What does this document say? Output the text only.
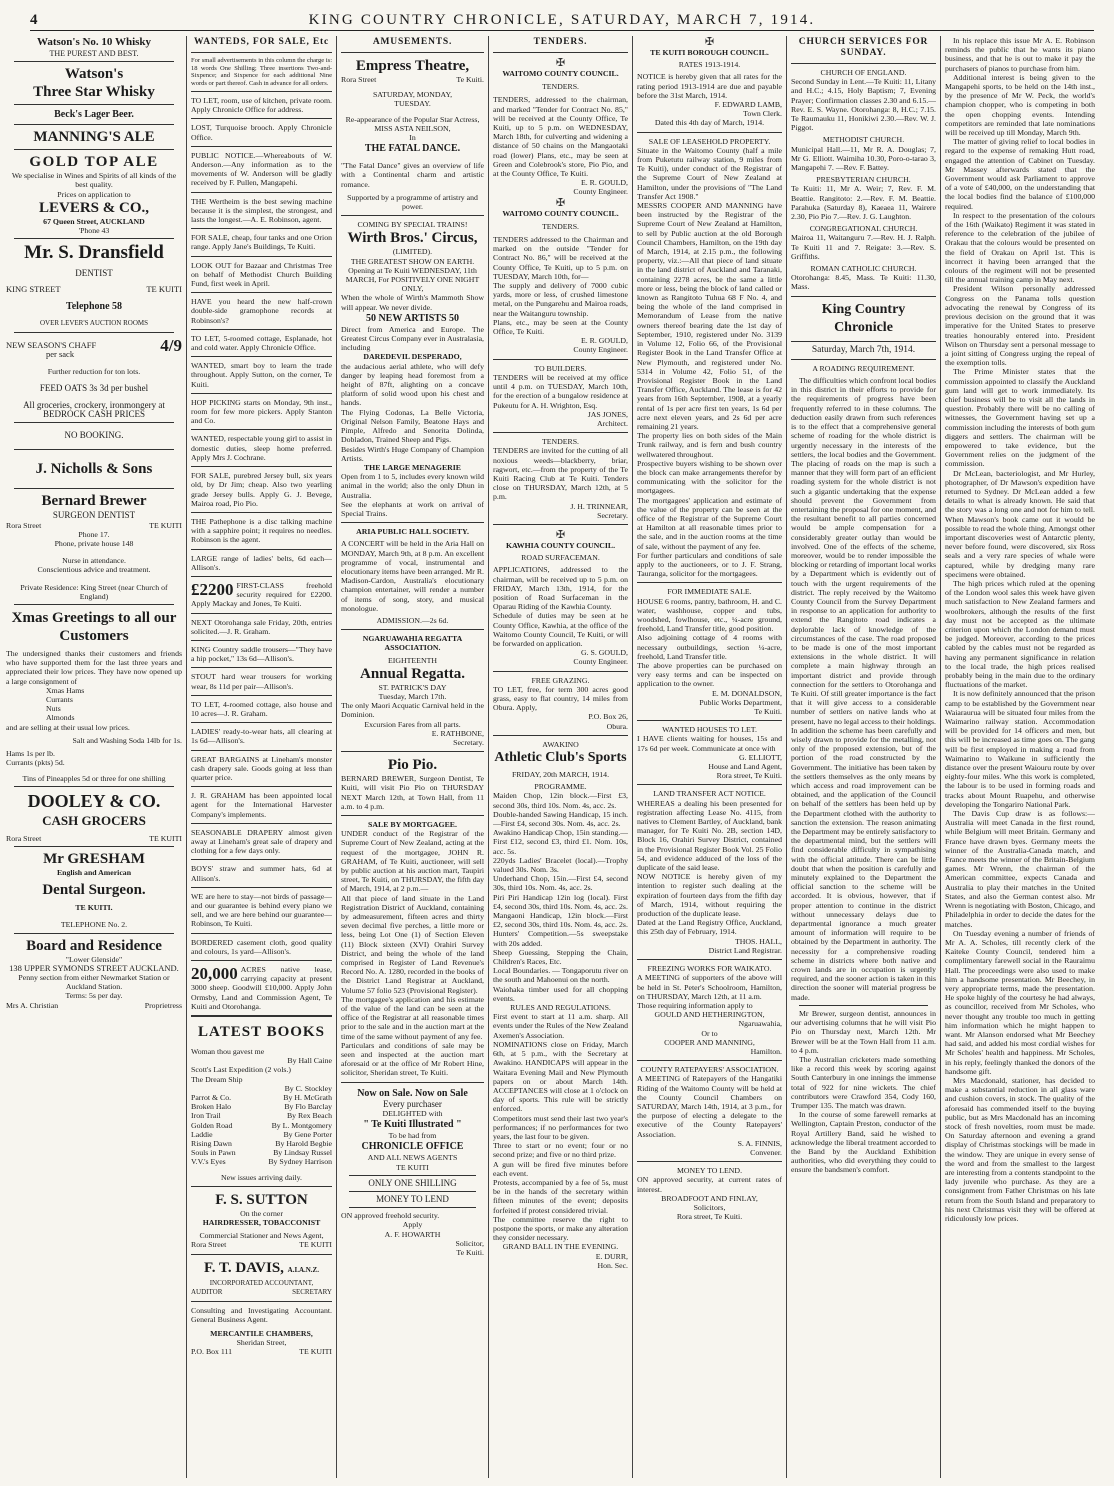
4	KING COUNTRY CHRONICLE, SATURDAY, MARCH 7, 1914.
Watson's No. 10 Whisky
THE PUREST AND BEST.
Watson's
Three Star Whisky
Beck's Lager Beer.
MANNING'S ALE
GOLD TOP ALE

We specialise in Wines and Spirits of all kinds of the best quality.

Prices on application to
LEVERS & CO.,
67 Queen Street, AUCKLAND
'Phone 43
Mr. S. Dransfield
DENTIST
KING STREET	TE KUITI
Telephone 58
OVER LEVER'S AUCTION ROOMS
NEW SEASON'S CHAFF
per sack	4/9
Further reduction for ton lots.
FEED OATS 3s 3d per bushel
All groceries, crockery, ironmongery at BEDROCK CASH PRICES
NO BOOKING.
J. Nicholls & Sons
Bernard Brewer
SURGEON DENTIST
Rora Street	TE KUITI
Phone 17.
Phone, private house 148
Nurse in attendance.
Conscientious advice and treatment.
Private Residence: King Street (near Church of England)
Xmas Greetings to all our Customers

The undersigned thanks their customers and friends who have supported them for the last three years and appreciated their low prices. They have now opened up a large consignment of

Xmas Hams
Currants
Nuts
Almonds

and are selling at their usual low prices.

Salt and Washing Soda 14lb for 1s.
Hams 1s per lb.
Currants (pkts) 5d.
Tins of Pineapples 5d or three for one shilling
DOOLEY & CO.
CASH GROCERS
Rora Street	TE KUITI
Mr GRESHAM
English and American
Dental Surgeon.
TE KUITI.
TELEPHONE No. 2.
Board and Residence
"Lower Glenside"
138 UPPER SYMONDS STREET AUCKLAND.
Penny section from either Newmarket Station or Auckland Station.
Terms: 5s per day.
Mrs A. Christian	Proprietress
WANTEDS, FOR SALE, Etc

For small advertisements in this column the charge is: 18 words One Shilling; Three insertions Two-and-Sixpence; and Sixpence for each additional Nine words or part thereof. Cash in advance for all orders.

TO LET, room, use of kitchen, private room. Apply Chronicle Office for address.

LOST, Turquoise brooch. Apply Chronicle Office.

PUBLIC NOTICE.—Whereabouts of W. Anderson.—Any information as to the movements of W. Anderson will be gladly received by F. Pullen, Mangapehi.

THE Wertheim is the best sewing machine because it is the simplest, the strongest, and lasts the longest.—A. E. Robinson, agent.

FOR SALE, cheap, four tanks and one Orion range. Apply Jane's Buildings, Te Kuiti.

LOOK OUT for Bazaar and Christmas Tree on behalf of Methodist Church Building Fund, first week in April.

HAVE you heard the new half-crown double-side gramophone records at Robinson's?

TO LET, 5-roomed cottage, Esplanade, hot and cold water. Apply Chronicle Office.

WANTED, smart boy to learn the trade throughout. Apply Sutton, on the corner, Te Kuiti.

HOP PICKING starts on Monday, 9th inst., room for few more pickers. Apply Stanton and Co.

WANTED, respectable young girl to assist in domestic duties, sleep home preferred. Apply Mrs J. Cochrane.

FOR SALE, purebred Jersey bull, six years old, by Dr Jim; cheap. Also two yearling grade Jersey bulls. Apply G. J. Bevege, Mairoa road, Pio Pio.

THE Pathephone is a disc talking machine with a sapphire point; it requires no needles. Robinson is the agent.

LARGE range of ladies' belts, 6d each—Allison's.

£2200 FIRST-CLASS freehold security required for £2200. Apply Mackay and Jones, Te Kuiti.

NEXT Otorohanga sale Friday, 20th, entries solicited.—J. R. Graham.

KING Country saddle trousers—"They have a hip pocket," 13s 6d—Allison's.

STOUT hard wear trousers for working wear, 8s 11d per pair—Allison's.

TO LET, 4-roomed cottage, also house and 10 acres—J. R. Graham.

LADIES' ready-to-wear hats, all clearing at 1s 6d—Allison's.

GREAT BARGAINS at Lineham's monster cash drapery sale. Goods going at less than quarter price.

J. R. GRAHAM has been appointed local agent for the International Harvester Company's implements.

SEASONABLE DRAPERY almost given away at Lineham's great sale of drapery and clothing for a few days only.

BOYS' straw and summer hats, 6d at Allison's.

WE are here to stay—not birds of passage—and our guarantee is behind every piano we sell, and we are here behind our guarantee—Robinson, Te Kuiti.

BORDERED casement cloth, good quality and colours, 1s yard—Allison's.

20,000 ACRES native lease, carrying capacity at present 3000 sheep. Goodwill £10,000. Apply John Ormsby, Land and Commission Agent, Te Kuiti and Otorohanga.

LATEST BOOKS
Woman thou gavest me
By Hall Caine
Scott's Last Expedition (2 vols.)
The Dream Ship
By C. Stockley
Parrot & Co.	By H. McGrath
Broken Halo	By Flo Barclay
Iron Trail	By Rex Beach
Golden Road	By L. Montgomery
Laddie	By Gene Porter
Rising Dawn	By Harold Begbie
Souls in Pawn	By Lindsay Russel
V.V.'s Eyes	By Sydney Harrison
New issues arriving daily.
F. S. SUTTON
On the corner
HAIRDRESSER, TOBACCONIST
Commercial Stationer and News Agent,
Rora Street	TE KUITI
F. T. DAVIS, A.I.A.N.Z.
INCORPORATED ACCOUNTANT,
AUDITOR	SECRETARY

Consulting and Investigating Accountant. General Business Agent.

MERCANTILE CHAMBERS,
Sheridan Street,
P.O. Box 111	TE KUITI
AMUSEMENTS.
Empress Theatre,
Rora Street	Te Kuiti.
SATURDAY, MONDAY, TUESDAY.
Re-appearance of the Popular Star Actress,
MISS ASTA NEILSON,
In
THE FATAL DANCE.

"The Fatal Dance" gives an overview of life with a Continental charm and artistic romance.

Supported by a programme of artistry and power.
COMING BY SPECIAL TRAINS!
Wirth Bros.' Circus,
(LIMITED).
THE GREATEST SHOW ON EARTH.
Opening at Te Kuiti WEDNESDAY, 11th MARCH, For POSITIVELY ONE NIGHT ONLY,

When the whole of Wirth's Mammoth Show will appear. We never divide.

50 NEW ARTISTS 50

Direct from America and Europe. The Greatest Circus Company ever in Australasia, including

DAREDEVIL DESPERADO,

the audacious aerial athlete, who will defy danger by leaping head foremost from a height of 87ft, alighting on a concave platform of solid wood upon his chest and hands.

The Flying Codonas, La Belle Victoria, Original Nelson Family, Beatone Hays and Pimple, Alfredo and Senorita Dolinda, Dobladon, Trained Sheep and Pigs.

Besides Wirth's Huge Company of Champion Artists.

THE LARGE MENAGERIE

Open from 1 to 5, includes every known wild animal in the world; also the only Dhun in Australia.

See the elephants at work on arrival of Special Trains.

ARIA PUBLIC HALL SOCIETY.

A CONCERT will be held in the Aria Hall on MONDAY, March 9th, at 8 p.m. An excellent programme of vocal, instrumental and elocutionary items have been arranged. Mr R. Madison-Cardon, Australia's elocutionary champion entertainer, will render a number of items of song, story, and musical monologue.

ADMISSION.—2s 6d.
NGARUAWAHIA REGATTA ASSOCIATION.
EIGHTEENTH
Annual Regatta.
ST. PATRICK'S DAY
Tuesday, March 17th.

The only Maori Acquatic Carnival held in the Dominion.

Excursion Fares from all parts.
E. RATHBONE,
Secretary.
Pio Pio.

BERNARD BREWER, Surgeon Dentist, Te Kuiti, will visit Pio Pio on THURSDAY NEXT March 12th, at Town Hall, from 11 a.m. to 4 p.m.

SALE BY MORTGAGEE.

UNDER conduct of the Registrar of the Supreme Court of New Zealand, acting at the request of the mortgagee, JOHN R. GRAHAM, of Te Kuiti, auctioneer, will sell by public auction at his auction mart, Taupiri street, Te Kuiti, on THURSDAY, the fifth day of March, 1914, at 2 p.m.—

All that piece of land situate in the Land Registration District of Auckland, containing by admeasurement, fifteen acres and thirty seven decimal five perches, a little more or less, being Lot One (1) of Section Eleven (11) Block sixteen (XVI) Orahiri Survey District, and being the whole of the land comprised in Register of Land Revenue's Record No. A. 1280, recorded in the books of the District Land Registrar at Auckland, Volume 57 folio 523 (Provisional Register).

The mortgagee's application and his estimate of the value of the land can be seen at the office of the Registrar at all reasonable times prior to the sale and in the auction mart at the time of the same without payment of any fee.

Particulars and conditions of sale may be seen and inspected at the auction mart aforesaid or at the office of Mr Robert Hine, solicitor, Sheridan street, Te Kuiti.

Now on Sale. Now on Sale
Every purchaser
DELIGHTED with
" Te Kuiti Illustrated "
To be had from
CHRONICLE OFFICE
AND ALL NEWS AGENTS
TE KUITI
ONLY ONE SHILLING
MONEY TO LEND

ON approved freehold security.

Apply
A. F. HOWARTH
Solicitor,
Te Kuiti.
TENDERS.
✠
WAITOMO COUNTY COUNCIL.
TENDERS.

TENDERS, addressed to the chairman, and marked "Tender for Contract No. 85," will be received at the County Office, Te Kuiti, up to 5 p.m. on WEDNESDAY, March 18th, for culverting and widening a distance of 50 chains on the Mangaotaki road (lower) Plans, etc., may be seen at Green and Colebrook's store, Pio Pio, and at the County Office, Te Kuiti.

E. R. GOULD,
County Engineer.
✠
WAITOMO COUNTY COUNCIL.
TENDERS.

TENDERS addressed to the Chairman and marked on the outside "Tender for Contract No. 86," will be received at the County Office, Te Kuiti, up to 5 p.m. on TUESDAY, March 10th, for—

The supply and delivery of 7000 cubic yards, more or less, of crushed limestone metal, on the Pungarehu and Mairoa roads, near the Waitanguru township.

Plans, etc., may be seen at the County Office, Te Kuiti.

E. R. GOULD,
County Engineer.
TO BUILDERS.

TENDERS will be received at my office until 4 p.m. on TUESDAY, March 10th, for the erection of a bungalow residence at Pukeutu for A. H. Wrighton, Esq.

JAS JONES,
Architect.
TENDERS.

TENDERS are invited for the cutting of all noxious weeds—blackberry, briar, ragwort, etc.—from the property of the Te Kuiti Racing Club at Te Kuiti. Tenders close on THURSDAY, March 12th, at 5 p.m.

J. H. TRINNEAR,
Secretary.
✠
KAWHIA COUNTY COUNCIL.
ROAD SURFACEMAN.

APPLICATIONS, addressed to the chairman, will be received up to 5 p.m. on FRIDAY, March 13th, 1914, for the position of Road Surfaceman in the Oparau Riding of the Kawhia County.

Schedule of duties may be seen at he County Office, Kawhia, at the office of the Waitomo County Council, Te Kuiti, or will be forwarded on application.

G. S. GOULD,
County Engineer.
FREE GRAZING.

TO LET, free, for term 300 acres good grass, easy to flat country, 14 miles from Obura. Apply,

P.O. Box 26,
Obura.
AWAKINO
Athletic Club's Sports
FRIDAY, 20th MARCH, 1914.
PROGRAMME.

Maiden Chop, 12in block.—First £3, second 30s, third 10s. Nom. 4s, acc. 2s.

Double-handed Sawing Handicap, 15 inch.—First £4, second 30s. Nom. 4s, acc. 2s.

Awakino Handicap Chop, 15in standing.—First £12, second £3, third £1. Nom. 10s, acc. 5s.

220yds Ladies' Bracelet (local).—Trophy valued 30s. Nom. 3s.

Underhand Chop, 15in.—First £4, second 30s, third 10s. Nom. 4s, acc. 2s.

Piri Piri Handicap 12in log (local). First £4, second 30s, third 10s. Nom. 4s, acc. 2s.

Mangaoni Handicap, 12in block.—First £2, second 30s, third 10s. Nom. 4s, acc. 2s.

Hunters' Competition.—5s sweepstake with 20s added.

Sheep Guessing, Stepping the Chain, Children's Races, Etc.

Local Boundaries. — Tongaporutu river on the south and Mahoenui on the north.

Waiohaka timber used for all chopping events.

RULES AND REGULATIONS.

First event to start at 11 a.m. sharp. All events under the Rules of the New Zealand Axemen's Association.

NOMINATIONS close on Friday, March 6th, at 5 p.m., with the Secretary at Awakino. HANDICAPS will appear in the Waitara Evening Mail and New Plymouth papers on or about March 14th. ACCEPTANCES will close at 1 o'clock on day of sports. This rule will be strictly enforced.

Competitors must send their last two year's performances; if no performances for two years, the last four to be given.

Three to start or no event; four or no second prize; and five or no third prize.

A gun will be fired five minutes before each event.

Protests, accompanied by a fee of 5s, must be in the hands of the secretary within fifteen minutes of the event; deposits forfeited if protest considered trivial.

The committee reserve the right to postpone the sports, or make any alteration they consider necessary.

GRAND BALL IN THE EVENING.
E. DURR,
Hon. Sec.
✠
TE KUITI BOROUGH COUNCIL.
RATES 1913-1914.

NOTICE is hereby given that all rates for the rating period 1913-1914 are due and payable before the 31st March, 1914.

F. EDWARD LAMB,
Town Clerk.
Dated this 4th day of March, 1914.
SALE OF LEASEHOLD PROPERTY.

Situate in the Waitomo County (half a mile from Puketutu railway station, 9 miles from Te Kuiti), under conduct of the Registrar of the Supreme Court of New Zealand at Hamilton, under the provisions of "The Land Transfer Act 1908."

MESSRS COOPER AND MANNING have been instructed by the Registrar of the Supreme Court of New Zealand at Hamilton, to sell by Public auction at the old Borough Council Chambers, Hamilton, on the 19th day of March, 1914, at 2.15 p.m., the following property, viz.:—All that piece of land situate in the land district of Auckland and Taranaki, containing 2278 acres, be the same a little more or less, being the block of land called or known as Rangitoto Tuhua 68 F No. 4, and being the whole of the land comprised in Memorandum of Lease from the native owners thereof bearing date the 1st day of September, 1910, registered under No. 3139 in Volume 12, Folio 66, of the Provisional Register Book in the Land Transfer Office at New Plymouth, and registered under No. 5314 in Volume 42, Folio 51, of the Provisional Register Book in the Land Transfer Office, Auckland. The lease is for 42 years from 16th September, 1908, at a yearly rental of 1s per acre first ten years, 1s 6d per acre next eleven years, and 2s 6d per acre remaining 21 years.

The property lies on both sides of the Main Trunk railway, and is fern and bush country wellwatered throughout.

Prospective buyers wishing to be shown over the block can make arrangements therefor by communicating with the solicitor for the mortgagees.

The mortgagees' application and estimate of the value of the property can be seen at the office of the Registrar of the Supreme Court at Hamilton at all reasonable times prior to the sale, and in the auction rooms at the time of sale, without the payment of any fee.

For further particulars and conditions of sale apply to the auctioneers, or to J. F. Strang, Tauranga, solicitor for the mortgagees.

FOR IMMEDIATE SALE.

HOUSE 6 rooms, pantry, bathroom, H. and C. water, washhouse, copper and tubs, woodshed, fowlhouse, etc., ¼-acre ground, freehold, Land Transfer title, good position.

Also adjoining cottage of 4 rooms with necessary outbuildings, section ¼-acre, freehold, Land Transfer title.

The above properties can be purchased on very easy terms and can be inspected on application to the owner.

E. M. DONALDSON,
Public Works Department,
Te Kuiti.
WANTED HOUSES TO LET.

I HAVE clients waiting for houses, 15s and 17s 6d per week. Communicate at once with

G. ELLIOTT,
House and Land Agent,
Rora street, Te Kuiti.
LAND TRANSFER ACT NOTICE.

WHEREAS a dealing his been presented for registration affecting Lease No. 4115, from natives to Clement Bartley, of Auckland, bank manager, for Te Kuiti No. 2B, section 14D, Block 16, Orahiri Survey District, contained in the Provisional Register Book Vol. 25 Folio 54, and evidence adduced of the loss of the duplicate of the said lease.

NOW NOTICE is hereby given of my intention to register such dealing at the expiration of fourteen days from the fifth day of March, 1914, without requiring the production of the duplicate lease.

Dated at the Land Registry Office, Auckland, this 25th day of February, 1914.

THOS. HALL,
District Land Registrar.
FREEZING WORKS FOR WAIKATO.

A MEETING of supporters of the above will be held in St. Peter's Schoolroom, Hamilton, on THURSDAY, March 12th, at 11 a.m.

Those requiring information apply to

GOULD AND HETHERINGTON,
Ngaruawahia,
Or to
COOPER AND MANNING,
Hamilton.
COUNTY RATEPAYERS' ASSOCIATION.

A MEETING of Ratepayers of the Hangatiki Riding of the Waitomo County will be held at the County Council Chambers on SATURDAY, March 14th, 1914, at 3 p.m., for the purpose of electing a delegate to the executive of the County Ratepayers' Association.

S. A. FINNIS,
Convener.
MONEY TO LEND.

ON approved security, at current rates of interest.

BROADFOOT AND FINLAY,
Solicitors,
Rora street, Te Kuiti.
CHURCH SERVICES FOR SUNDAY.
CHURCH OF ENGLAND.

Second Sunday in Lent.—Te Kuiti: 11, Litany and H.C.; 4.15, Holy Baptism; 7, Evening Prayer; Confirmation classes 2.30 and 6.15.—Rev. E. S. Wayne. Otorohanga: 8, H.C.; 7.15. Te Raumauku 11, Honikiwi 2.30.—Rev. W. J. Piggot.

METHODIST CHURCH.

Municipal Hall.—11, Mr R. A. Douglas; 7, Mr G. Elliott. Waimiha 10.30, Poro-o-tarao 3, Mangapehi 7. —Rev. F. Battey.

PRESBYTERIAN CHURCH.

Te Kuiti: 11, Mr A. Weir; 7, Rev. F. M. Beattie. Rangitoto: 2.—Rev. F. M. Beattie. Parahuka (Saturday 8), Kaeaea 11, Wairere 2.30, Pio Pio 7.—Rev. J. G. Laughton.

CONGREGATIONAL CHURCH.

Mairoa 11, Waitanguru 7.—Rev. H. J. Ralph. Te Kuiti 11 and 7. Reigate: 3.—Rev. S. Griffiths.

ROMAN CATHOLIC CHURCH.

Otorohanga: 8.45, Mass. Te Kuiti: 11.30, Mass.

King Country Chronicle
Saturday, March 7th, 1914.
A ROADING REQUIREMENT.

The difficulties which confront local bodies in this district in their efforts to provide for the requirements of progress have been frequently referred to in these columns. The deduction easily drawn from such references is to the effect that a comprehensive general scheme of roading for the whole district is urgently necessary in the interests of the settlers, the local bodies and the Government. The placing of roads on the map is such a manner that they will form part of an efficient roading system for the whole district is not such a gigantic undertaking that the expense should prevent the Government from entertaining the proposal for one moment, and the resultant benefit to all parties concerned would be ample compensation for a considerably greater outlay than would be involved. One of the effects of the scheme, moreover, would be to render impossible the blocking or retarding of important local works by a Department which is evidently out of touch with the urgent requirements of the district. The reply received by the Waitomo County Council from the Survey Department in response to an application for authority to extend the Rangitoto road indicates a deplorable lack of knowledge of the circumstances of the case. The road proposed to be made is one of the most important extensions in the whole district. It will complete a main highway through an important district and provide through connection for the settlers to Otorohanga and Te Kuiti. Of still greater importance is the fact that it will give access to a considerable number of settlers on native lands who at present, have no legal access to their holdings. In addition the scheme has been carefully and wisely drawn to provide for the metalling, not only of the proposed extension, but of the portion of the road constructed by the Government. The initiative has been taken by the settlers themselves as the only means by which access and road improvement can be obtained, and the application of the Council on behalf of the settlers has been held up by the Department clothed with the authority to sanction the extension. The reason animating the Department may be entirely satisfactory to the departmental mind, but the settlers will find considerable difficulty in sympathising with the official attitude. There can be little doubt that when the position is carefully and minutely explained to the Department the official sanction to the scheme will be accorded. It is obvious, however, that if proper attention to continue in the district without unnecessary delays due to departmental ignorance a much greater amount of information will require to be obtained by the Department in authority. The necessity for a comprehensive roading scheme in districts where both native and crown lands are in occupation is urgently required, and the sooner action is taken in this direction the sooner will material progress be made.

Mr Brewer, surgeon dentist, announces in our advertising columns that he will visit Pio Pio on Thursday next, March 12th. Mr Brewer will be at the Town Hall from 11 a.m. to 4 p.m.

The Australian cricketers made something like a record this week by scoring against South Canterbury in one innings the immense total of 922 for nine wickets. The chief contributors were Crawford 354, Cody 160, Trumper 135. The match was drawn.

In the course of some farewell remarks at Wellington, Captain Preston, conductor of the Royal Artillery Band, said he wished to acknowledge the liberal treatment accorded to the Band by the Auckland Exhibition authorities, who did everything they could to ensure the bandsmen's comfort.

In his replace this issue Mr A. E. Robinson reminds the public that he wants its piano business, and that he is out to make it pay the purchasers of pianos to purchase from him.

Additional interest is being given to the Mangapehi sports, to be held on the 14th inst., by the presence of Mr W. Peck, the world's champion chopper, who is competing in both the open chopping events. Intending competitors are reminded that late nominations will be received up till Monday, March 9th.

The matter of giving relief to local bodies in regard to the expense of remaking Hutt road, engaged the attention of Cabinet on Tuesday. Mr Massey afterwards stated that the Government would ask Parliament to approve of a vote of £40,000, on the understanding that the local bodies find the balance of £100,000 required.

In respect to the presentation of the colours of the 16th (Waikato) Regiment it was stated in reference to the celebration of the jubilee of Orakau that the colours would be presented on the field of Orakau on April 1st. This is incorrect it having been arranged that the colours of the regiment will not be presented till the annual training camp in May next.

President Wilson personally addressed Congress on the Panama tolls question advocating the renewal by Congress of its previous decision on the ground that it was imperative for the United States to preserve treaties honourably entered into. President Wilson on Thursday sent a personal message to a joint sitting of Congress urging the repeal of the exemption tolls.

The Prime Minister states that the commission appointed to classify the Auckland gum land will get to work immediately. Its chief business will be to visit all the lands in question. Probably there will be no calling of witnesses, the Government having set up a commission including the interests of both gum diggers and settlers. The chairman will be empowered to take evidence, but the Government relies on the judgment of the commission.

Dr McLean, bacteriologist, and Mr Hurley, photographer, of Dr Mawson's expedition have returned to Sydney. Dr McLean added a few details to what is already known. He said that the story was a long one and not for him to tell. When Mawson's book came out it would be possible to read the whole thing. Amongst other important discoveries west of Antarctic plenty, never before found, were discovered, six Ross seals and a very rare species of whale were captured, while by dredging many rare specimens were obtained.

The high prices which ruled at the opening of the London wool sales this week have given much satisfaction to New Zealand farmers and woolbrokers, although the results of the first day must not be accepted as the ultimate criterion upon which the London demand must be judged. Moreover, according to the prices cabled by the cables must not be regarded as having any permanent significance in relation to the local trade, the high prices realised probably being in the main due to the ordinary fluctuations of the market.

It is now definitely announced that the prison camp to be established by the Government near Waiaraurua will be situated four miles from the Waimarino railway station. Accommodation will be provided for 14 officers and men, but this will be increased as time goes on. The gang will be first employed in making a road from Waimarino to Waikune in sufficiently the distance over the present Waiouru route by over eighty-four miles. Whe this work is completed, the labour is to be used in forming roads and tracks about Mount Ruapehu, and otherwise developing the Tongariro National Park.

The Davis Cup draw is as follows:—Australia will meet Canada in the first round, while Belgium will meet Britain. Germany and France have drawn byes. Germany meets the winner of the Australia-Canada match, and France meets the winner of the Britain-Belgium games. Mr Wrenn, the chairman of the American committee, expects Canada and Australia to play their matches in the United States, and also the German contest also. Mr Wrenn is negotiating with Boston, Chicago, and Philadelphia in order to decide the dates for the matches.

On Tuesday evening a number of friends of Mr A. A. Scholes, till recently clerk of the Kaiteke County Council, tendered him a complimentary farewell social in the Rauraimu Hall. The proceedings were also used to make him a handsome presentation. Mr Beechey, in very appropriate terms, made the presentation. He spoke highly of the courtesy he had always, as councillor, received from Mr Scholes, who never thought any trouble too much in getting him information which he might happen to want. Mr Alanson endorsed what Mr Beechey had said, and added his most cordial wishes for Mr Scholes' health and happiness. Mr Scholes, in his reply, feelingly thanked the donors of the handsome gift.

Mrs Macdonald, stationer, has decided to make a substantial reduction in all glass ware and cushion covers, in stock. The quality of the aforesaid has commended itself to the buying public, but as Mrs Macdonald has an incoming stock of fresh novelties, room must be made. On Saturday afternoon and evening a grand display of Christmas stockings will be made in the window. They are unique in every sense of the word and from the smallest to the largest are interesting from a contents standpoint to the lady juvenile who purchase. As they are a consignment from Father Christmas on his late return from the South Island and preparatory to his next Christmas visit they will be offered at ridiculously low prices.
